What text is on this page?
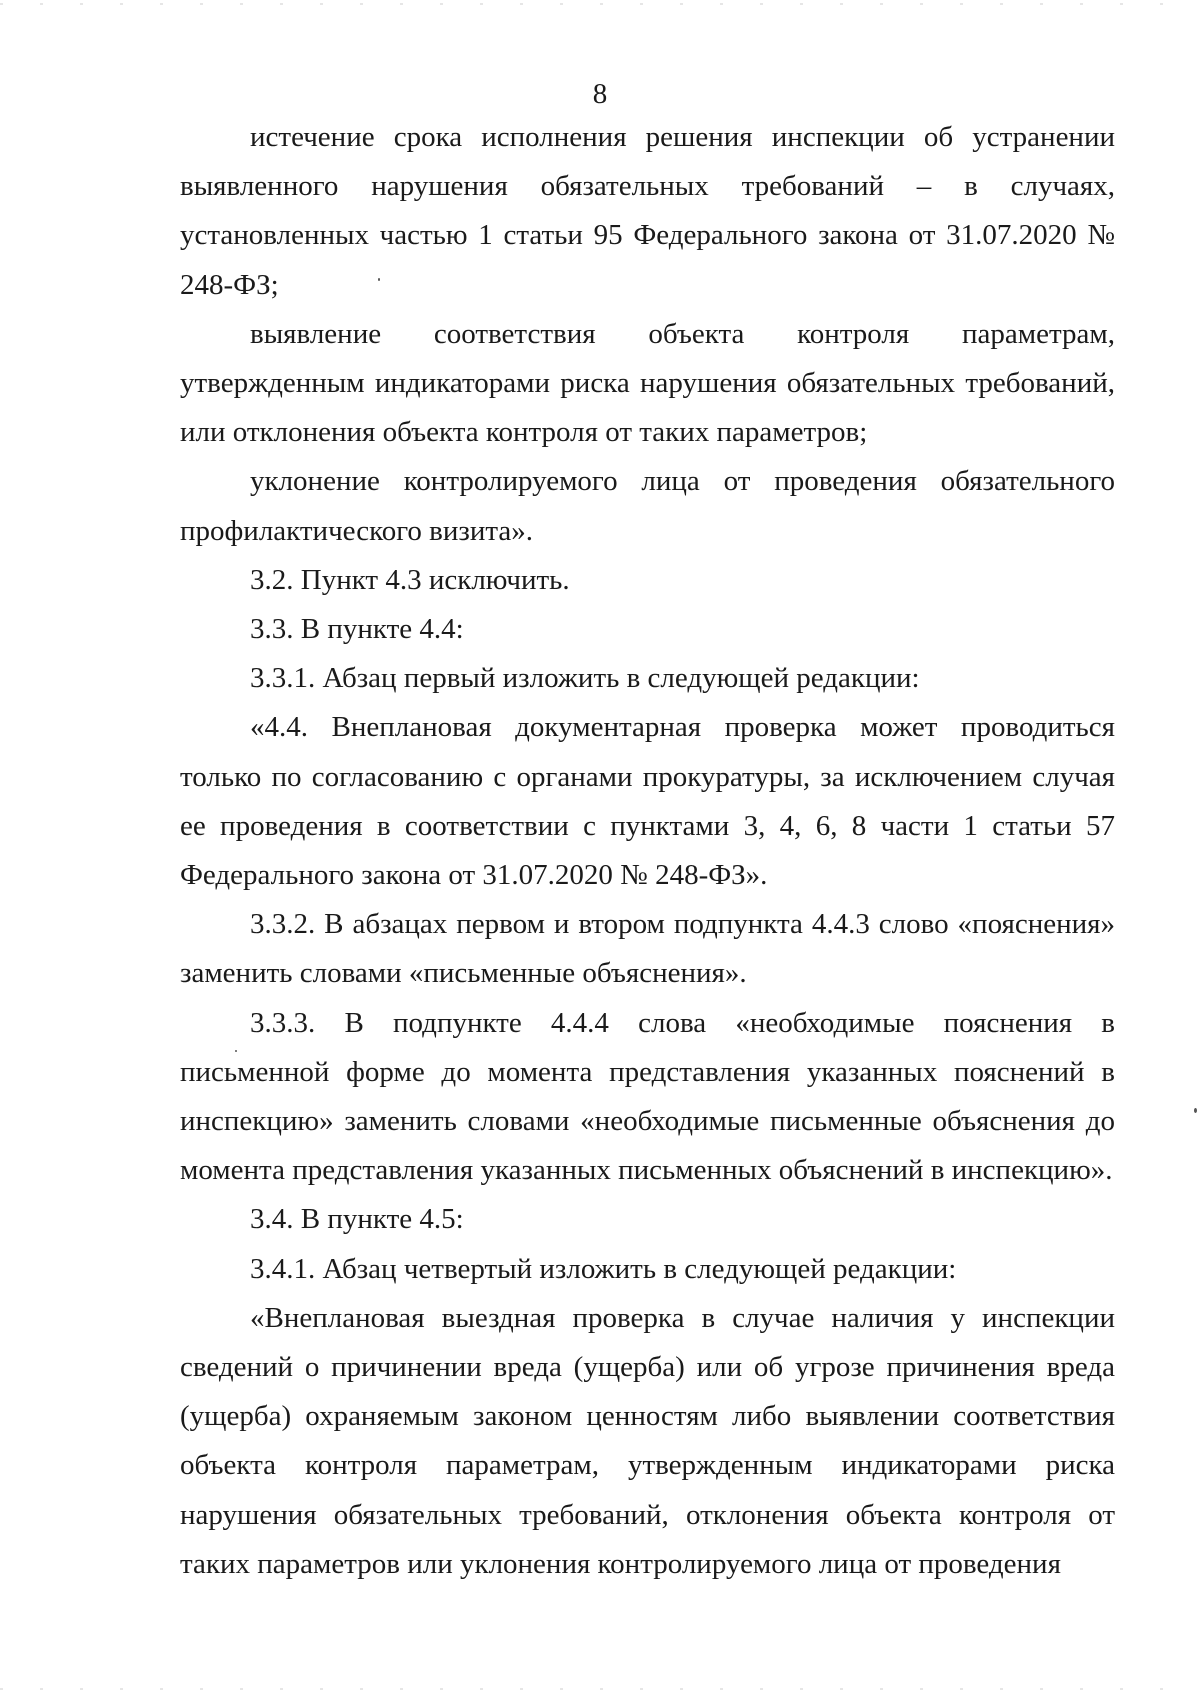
8

истечение срока исполнения решения инспекции об устранении выявленного нарушения обязательных требований – в случаях, установленных частью 1 статьи 95 Федерального закона от 31.07.2020 № 248-ФЗ;

выявление соответствия объекта контроля параметрам, утвержденным индикаторами риска нарушения обязательных требований, или отклонения объекта контроля от таких параметров;

уклонение контролируемого лица от проведения обязательного профилактического визита».

3.2. Пункт 4.3 исключить.

3.3. В пункте 4.4:

3.3.1. Абзац первый изложить в следующей редакции:

«4.4. Внеплановая документарная проверка может проводиться только по согласованию с органами прокуратуры, за исключением случая ее проведения в соответствии с пунктами 3, 4, 6, 8 части 1 статьи 57 Федерального закона от 31.07.2020 № 248-ФЗ».

3.3.2. В абзацах первом и втором подпункта 4.4.3 слово «пояснения» заменить словами «письменные объяснения».

3.3.3. В подпункте 4.4.4 слова «необходимые пояснения в письменной форме до момента представления указанных пояснений в инспекцию» заменить словами «необходимые письменные объяснения до момента представления указанных письменных объяснений в инспекцию».

3.4. В пункте 4.5:

3.4.1. Абзац четвертый изложить в следующей редакции:

«Внеплановая выездная проверка в случае наличия у инспекции сведений о причинении вреда (ущерба) или об угрозе причинения вреда (ущерба) охраняемым законом ценностям либо выявлении соответствия объекта контроля параметрам, утвержденным индикаторами риска нарушения обязательных требований, отклонения объекта контроля от таких параметров или уклонения контролируемого лица от проведения
